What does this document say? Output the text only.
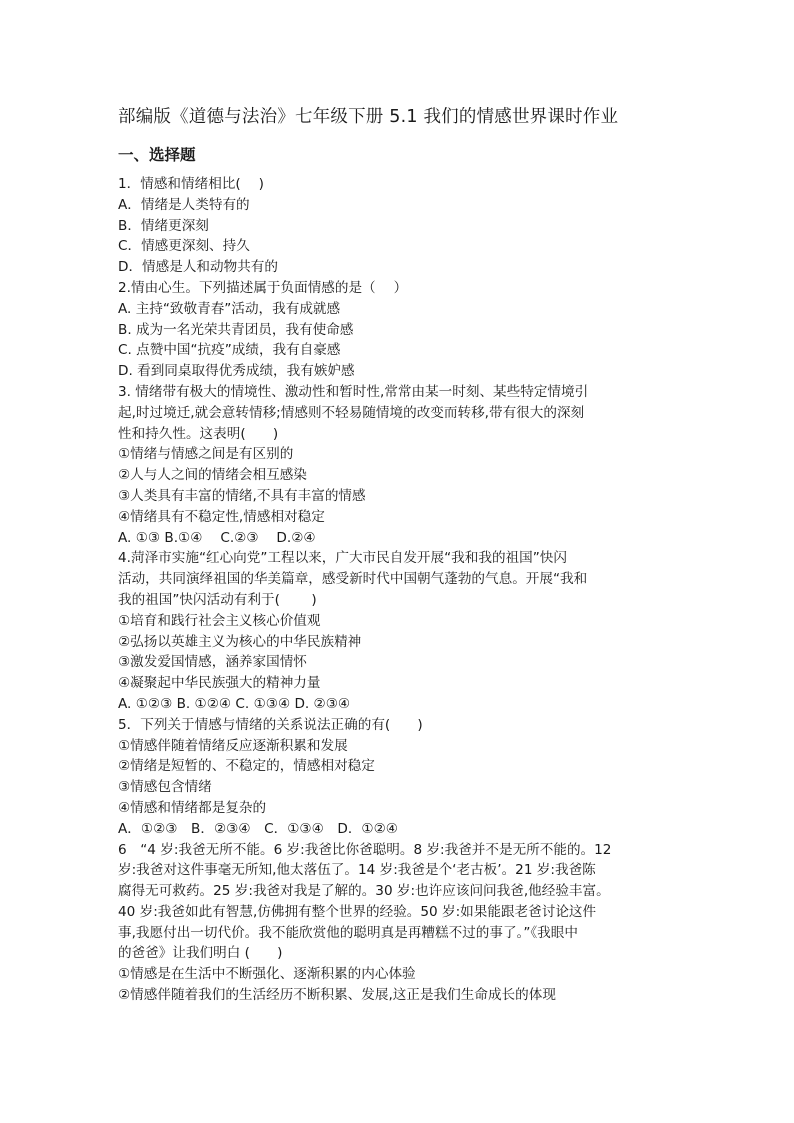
部编版《道德与法治》七年级下册 5.1 我们的情感世界课时作业
一、选择题
1．情感和情绪相比(　 )
A．情绪是人类特有的
B．情绪更深刻
C．情感更深刻、持久
D．情感是人和动物共有的
2.情由心生。下列描述属于负面情感的是（　 ）
A. 主持“致敬青春”活动，我有成就感
B. 成为一名光荣共青团员，我有使命感
C. 点赞中国“抗疫”成绩，我有自豪感
D. 看到同桌取得优秀成绩，我有嫉妒感
3. 情绪带有极大的情境性、激动性和暂时性,常常由某一时刻、某些特定情境引
起,时过境迁,就会意转情移;情感则不轻易随情境的改变而转移,带有很大的深刻
性和持久性。这表明(　　)
①情绪与情感之间是有区别的
②人与人之间的情绪会相互感染
③人类具有丰富的情绪,不具有丰富的情感
④情绪具有不稳定性,情感相对稳定
A. ①③ B.①④　 C.②③　 D.②④
4.菏泽市实施“红心向党”工程以来，广大市民自发开展“我和我的祖国”快闪
活动，共同演绎祖国的华美篇章，感受新时代中国朝气蓬勃的气息。开展“我和
我的祖国”快闪活动有利于(　　 )
①培育和践行社会主义核心价值观
②弘扬以英雄主义为核心的中华民族精神
③激发爱国情感，涵养家国情怀
④凝聚起中华民族强大的精神力量
A. ①②③ B. ①②④ C. ①③④ D. ②③④
5．下列关于情感与情绪的关系说法正确的有(　　)
①情感伴随着情绪反应逐渐积累和发展
②情绪是短暂的、不稳定的，情感相对稳定
③情感包含情绪
④情感和情绪都是复杂的
A．①②③　B．②③④　C．①③④　D．①②④
6　“4 岁:我爸无所不能。6 岁:我爸比你爸聪明。8 岁:我爸并不是无所不能的。12
岁:我爸对这件事毫无所知,他太落伍了。14 岁:我爸是个‘老古板’。21 岁:我爸陈
腐得无可救药。25 岁:我爸对我是了解的。30 岁:也许应该问问我爸,他经验丰富。
40 岁:我爸如此有智慧,仿佛拥有整个世界的经验。50 岁:如果能跟老爸讨论这件
事,我愿付出一切代价。我不能欣赏他的聪明真是再糟糕不过的事了。”《我眼中
的爸爸》让我们明白 (　　)
①情感是在生活中不断强化、逐渐积累的内心体验
②情感伴随着我们的生活经历不断积累、发展,这正是我们生命成长的体现
